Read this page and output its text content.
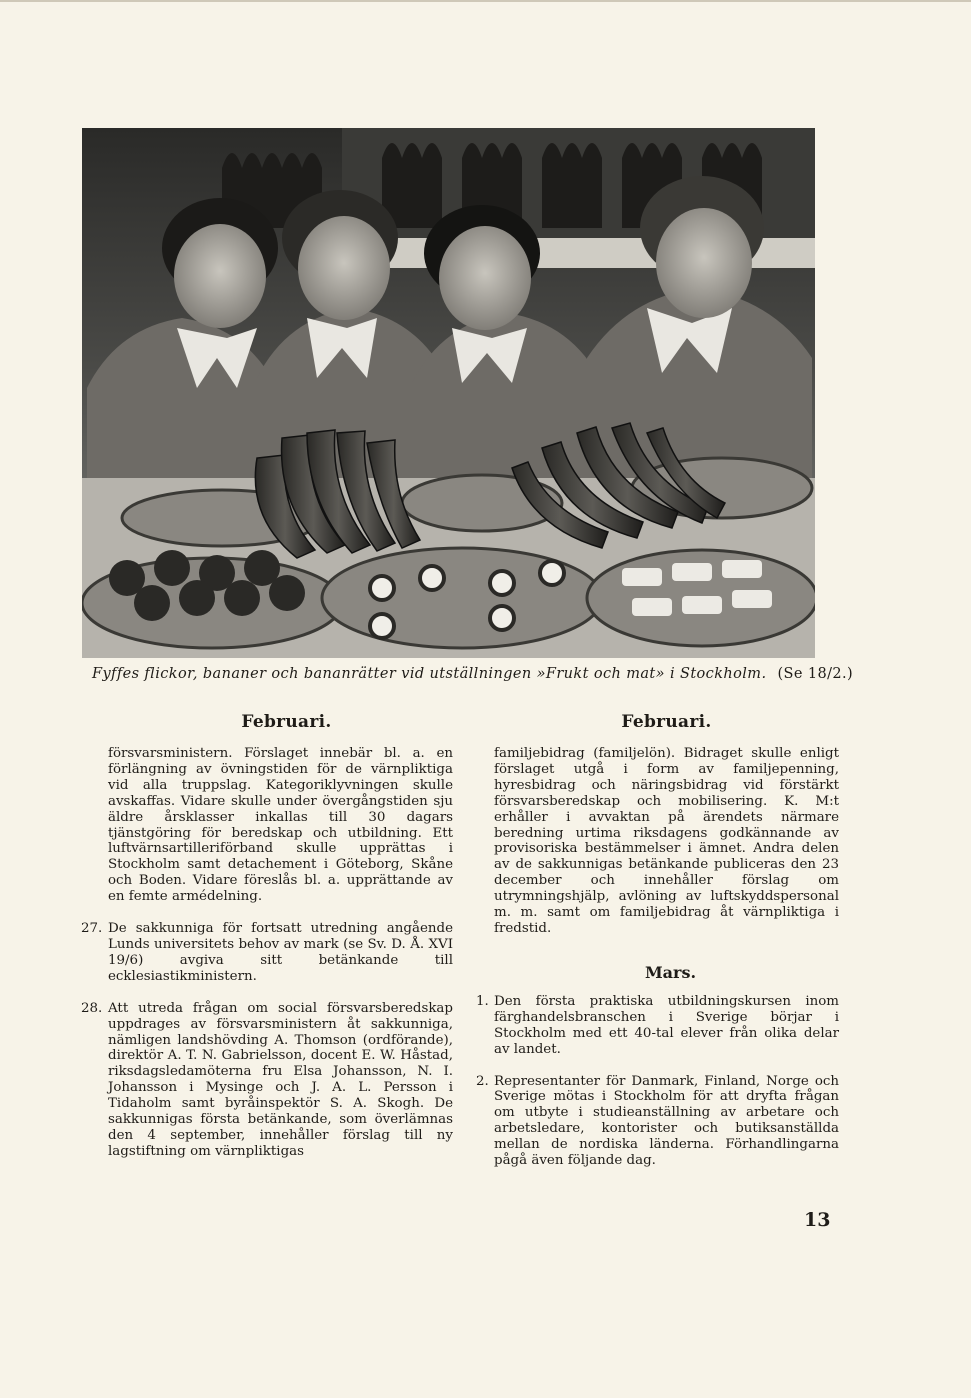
Fyffes flickor, bananer och bananrätter vid utställningen »Frukt och mat» i Stockholm. (Se 18/2.)
Februari.

försvarsministern. Förslaget innebär bl. a. en förlängning av övningstiden för de värnpliktiga vid alla truppslag. Kategoriklyvningen skulle avskaffas. Vidare skulle under övergångstiden sju äldre årsklasser inkallas till 30 dagars tjänstgöring för beredskap och utbildning. Ett luftvärnsartilleriförband skulle upprättas i Stockholm samt detachement i Göteborg, Skåne och Boden. Vidare föreslås bl. a. upprättande av en femte armédelning.

27. De sakkunniga för fortsatt utredning angående Lunds universitets behov av mark (se Sv. D. Å. XVI 19/6) avgiva sitt betänkande till ecklesiastikministern.

28. Att utreda frågan om social försvarsberedskap uppdrages av försvarsministern åt sakkunniga, nämligen landshövding A. Thomson (ordförande), direktör A. T. N. Gabrielsson, docent E. W. Håstad, riksdagsledamöterna fru Elsa Johansson, N. I. Johansson i Mysinge och J. A. L. Persson i Tidaholm samt byråinspektör S. A. Skogh. De sakkunnigas första betänkande, som överlämnas den 4 september, innehåller förslag till ny lagstiftning om värnpliktigas

Februari.

familjebidrag (familjelön). Bidraget skulle enligt förslaget utgå i form av familjepenning, hyresbidrag och näringsbidrag vid förstärkt försvarsberedskap och mobilisering. K. M:t erhåller i avvaktan på ärendets närmare beredning urtima riksdagens godkännande av provisoriska bestämmelser i ämnet. Andra delen av de sakkunnigas betänkande publiceras den 23 december och innehåller förslag om utrymningshjälp, avlöning av luftskyddspersonal m. m. samt om familjebidrag åt värnpliktiga i fredstid.

Mars.

1. Den första praktiska utbildningskursen inom färghandelsbranschen i Sverige börjar i Stockholm med ett 40-tal elever från olika delar av landet.

2. Representanter för Danmark, Finland, Norge och Sverige mötas i Stockholm för att dryfta frågan om utbyte i studieanställning av arbetare och arbetsledare, kontorister och butiksanställda mellan de nordiska länderna. Förhandlingarna pågå även följande dag.

13
